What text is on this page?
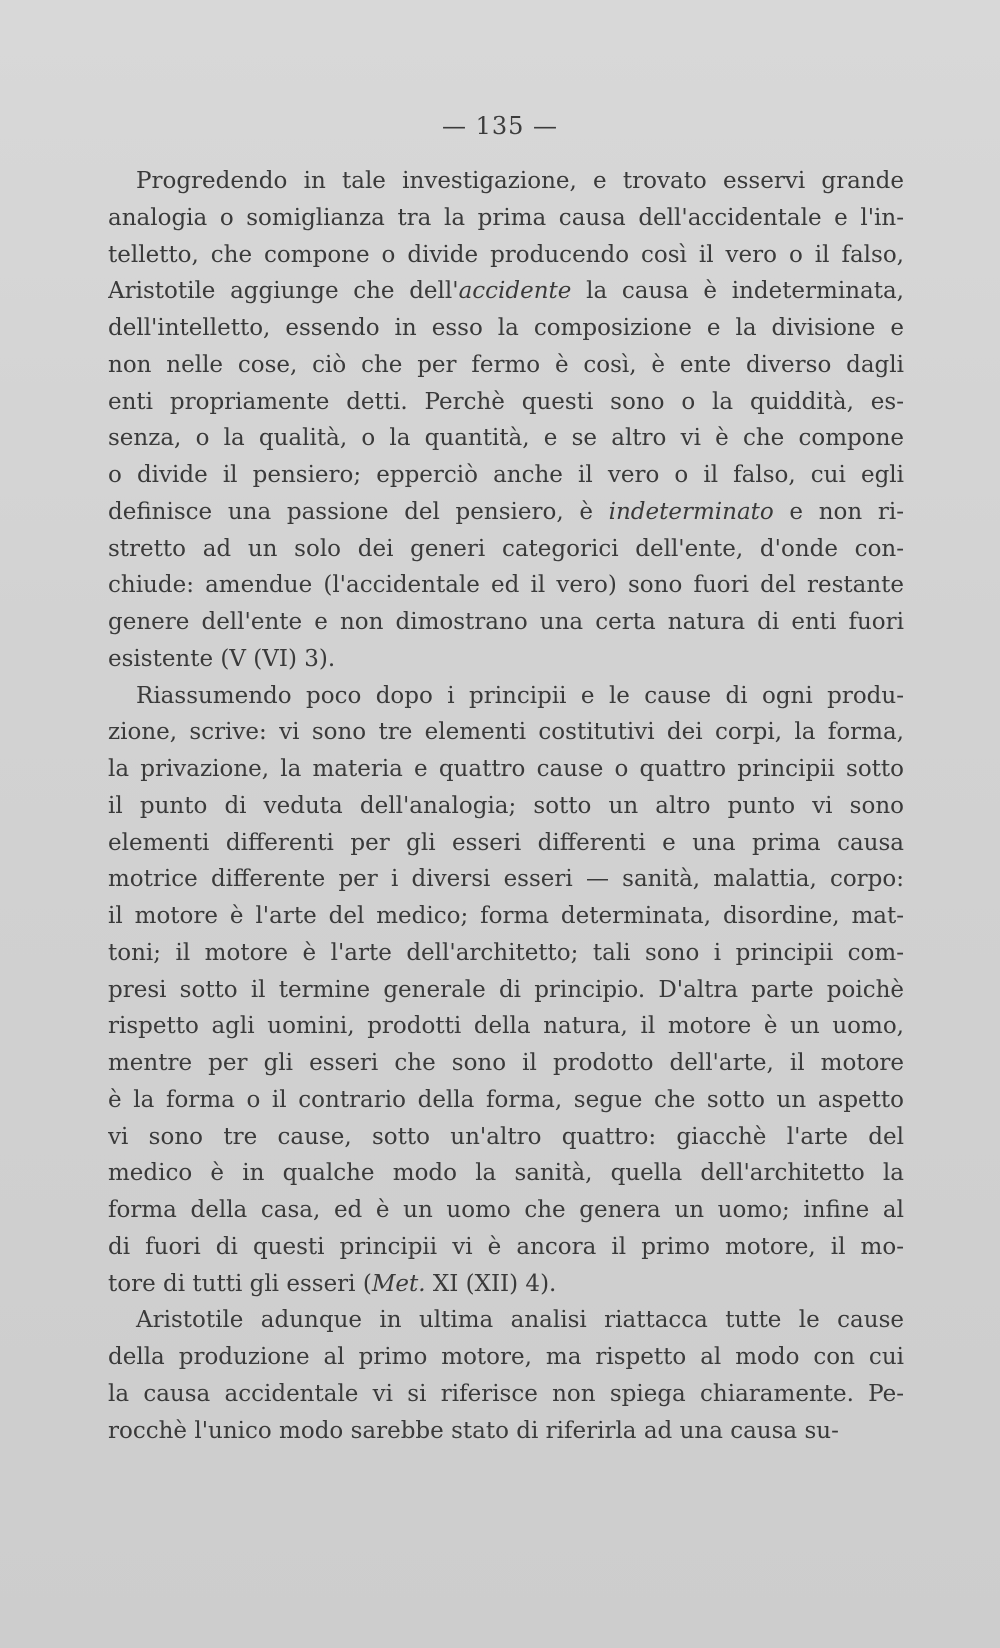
— 135 —
Progredendo in tale investigazione, e trovato esservi grande
analogia o somiglianza tra la prima causa dell'accidentale e l'in-
telletto, che compone o divide producendo così il vero o il falso,
Aristotile aggiunge che dell'accidente la causa è indeterminata,
dell'intelletto, essendo in esso la composizione e la divisione e
non nelle cose, ciò che per fermo è così, è ente diverso dagli
enti propriamente detti. Perchè questi sono o la quiddità, es-
senza, o la qualità, o la quantità, e se altro vi è che compone
o divide il pensiero; epperciò anche il vero o il falso, cui egli
definisce una passione del pensiero, è indeterminato e non ri-
stretto ad un solo dei generi categorici dell'ente, d'onde con-
chiude: amendue (l'accidentale ed il vero) sono fuori del restante
genere dell'ente e non dimostrano una certa natura di enti fuori
esistente (V (VI) 3).
Riassumendo poco dopo i principii e le cause di ogni produ-
zione, scrive: vi sono tre elementi costitutivi dei corpi, la forma,
la privazione, la materia e quattro cause o quattro principii sotto
il punto di veduta dell'analogia; sotto un altro punto vi sono
elementi differenti per gli esseri differenti e una prima causa
motrice differente per i diversi esseri — sanità, malattia, corpo:
il motore è l'arte del medico; forma determinata, disordine, mat-
toni; il motore è l'arte dell'architetto; tali sono i principii com-
presi sotto il termine generale di principio. D'altra parte poichè
rispetto agli uomini, prodotti della natura, il motore è un uomo,
mentre per gli esseri che sono il prodotto dell'arte, il motore
è la forma o il contrario della forma, segue che sotto un aspetto
vi sono tre cause, sotto un'altro quattro: giacchè l'arte del
medico è in qualche modo la sanità, quella dell'architetto la
forma della casa, ed è un uomo che genera un uomo; infine al
di fuori di questi principii vi è ancora il primo motore, il mo-
tore di tutti gli esseri (Met. XI (XII) 4).
Aristotile adunque in ultima analisi riattacca tutte le cause
della produzione al primo motore, ma rispetto al modo con cui
la causa accidentale vi si riferisce non spiega chiaramente. Pe-
rocchè l'unico modo sarebbe stato di riferirla ad una causa su-
